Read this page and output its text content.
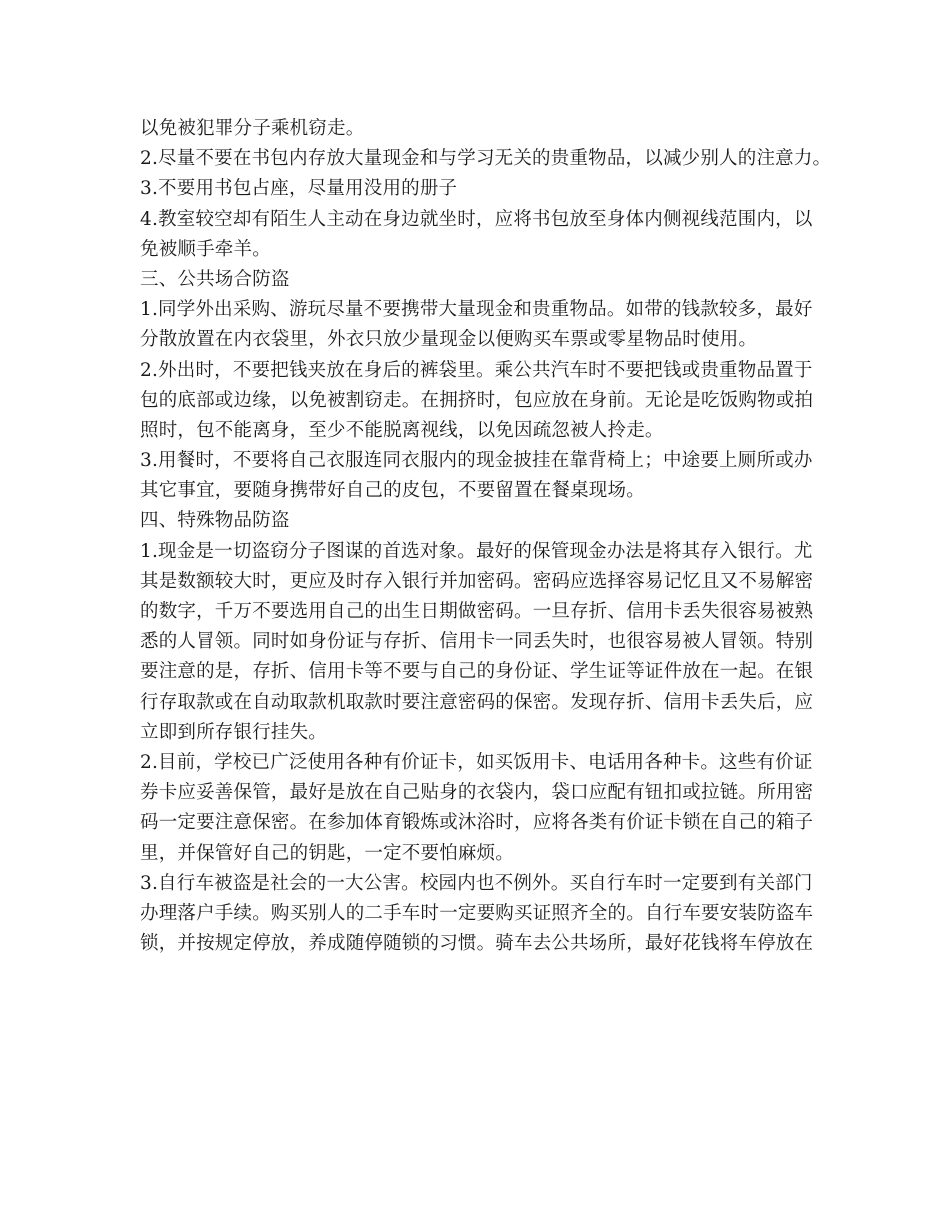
以免被犯罪分子乘机窃走。
2.尽量不要在书包内存放大量现金和与学习无关的贵重物品，以减少别人的注意力。
3.不要用书包占座，尽量用没用的册子
4.教室较空却有陌生人主动在身边就坐时，应将书包放至身体内侧视线范围内，以
免被顺手牵羊。
三、公共场合防盗
1.同学外出采购、游玩尽量不要携带大量现金和贵重物品。如带的钱款较多，最好
分散放置在内衣袋里，外衣只放少量现金以便购买车票或零星物品时使用。
2.外出时，不要把钱夹放在身后的裤袋里。乘公共汽车时不要把钱或贵重物品置于
包的底部或边缘，以免被割窃走。在拥挤时，包应放在身前。无论是吃饭购物或拍
照时，包不能离身，至少不能脱离视线，以免因疏忽被人拎走。
3.用餐时，不要将自己衣服连同衣服内的现金披挂在靠背椅上；中途要上厕所或办
其它事宜，要随身携带好自己的皮包，不要留置在餐桌现场。
四、特殊物品防盗
1.现金是一切盗窃分子图谋的首选对象。最好的保管现金办法是将其存入银行。尤
其是数额较大时，更应及时存入银行并加密码。密码应选择容易记忆且又不易解密
的数字，千万不要选用自己的出生日期做密码。一旦存折、信用卡丢失很容易被熟
悉的人冒领。同时如身份证与存折、信用卡一同丢失时，也很容易被人冒领。特别
要注意的是，存折、信用卡等不要与自己的身份证、学生证等证件放在一起。在银
行存取款或在自动取款机取款时要注意密码的保密。发现存折、信用卡丢失后，应
立即到所存银行挂失。
2.目前，学校已广泛使用各种有价证卡，如买饭用卡、电话用各种卡。这些有价证
券卡应妥善保管，最好是放在自己贴身的衣袋内，袋口应配有钮扣或拉链。所用密
码一定要注意保密。在参加体育锻炼或沐浴时，应将各类有价证卡锁在自己的箱子
里，并保管好自己的钥匙，一定不要怕麻烦。
3.自行车被盗是社会的一大公害。校园内也不例外。买自行车时一定要到有关部门
办理落户手续。购买别人的二手车时一定要购买证照齐全的。自行车要安装防盗车
锁，并按规定停放，养成随停随锁的习惯。骑车去公共场所，最好花钱将车停放在
